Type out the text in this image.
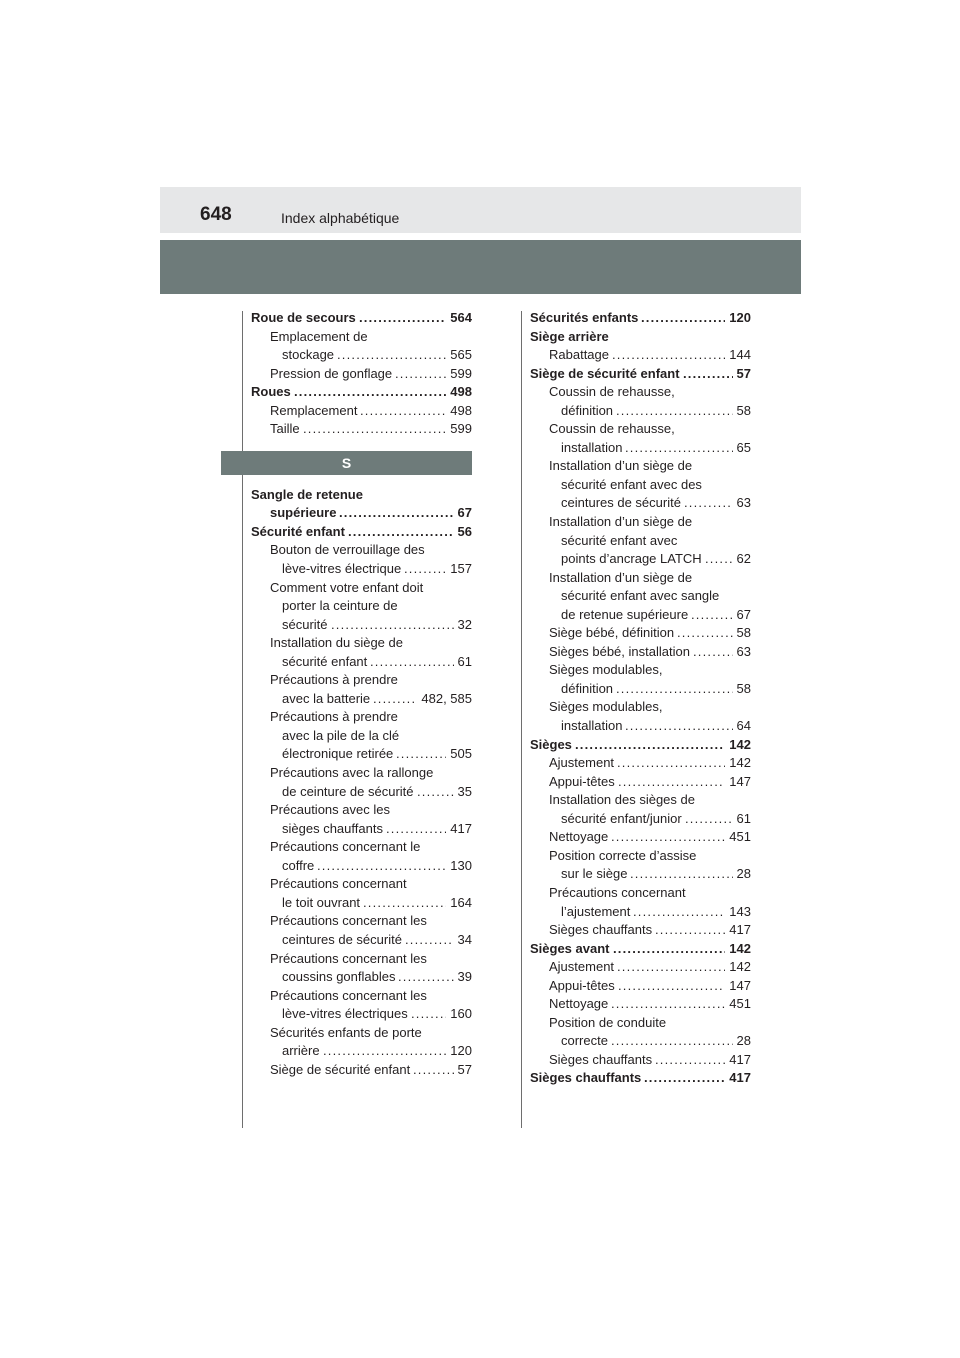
648	Index alphabétique
Roue de secours .....	564
Emplacement de
stockage .....	565
Pression de gonflage .....	599
Roues .....	498
Remplacement .....	498
Taille .....	599
S
Sangle de retenue
supérieure .....	67
Sécurité enfant .....	56
Bouton de verrouillage des
lève-vitres électrique .....	157
Comment votre enfant doit
porter la ceinture de
sécurité .....	32
Installation du siège de
sécurité enfant .....	61
Précautions à prendre
avec la batterie .....	482, 585
Précautions à prendre
avec la pile de la clé
électronique retirée .....	505
Précautions avec la rallonge
de ceinture de sécurité .....	35
Précautions avec les
sièges chauffants .....	417
Précautions concernant le
coffre .....	130
Précautions concernant
le toit ouvrant .....	164
Précautions concernant les
ceintures de sécurité .....	34
Précautions concernant les
coussins gonflables .....	39
Précautions concernant les
lève-vitres électriques .....	160
Sécurités enfants de porte
arrière .....	120
Siège de sécurité enfant .....	57
Sécurités enfants .....	120
Siège arrière
Rabattage .....	144
Siège de sécurité enfant .....	57
Coussin de rehausse,
définition .....	58
Coussin de rehausse,
installation .....	65
Installation d’un siège de
sécurité enfant avec des
ceintures de sécurité .....	63
Installation d’un siège de
sécurité enfant avec
points d’ancrage LATCH .....	62
Installation d’un siège de
sécurité enfant avec sangle
de retenue supérieure .....	67
Siège bébé, définition .....	58
Sièges bébé, installation .....	63
Sièges modulables,
définition .....	58
Sièges modulables,
installation .....	64
Sièges .....	142
Ajustement .....	142
Appui-têtes .....	147
Installation des sièges de
sécurité enfant/junior .....	61
Nettoyage .....	451
Position correcte d’assise
sur le siège .....	28
Précautions concernant
l’ajustement .....	143
Sièges chauffants .....	417
Sièges avant .....	142
Ajustement .....	142
Appui-têtes .....	147
Nettoyage .....	451
Position de conduite
correcte .....	28
Sièges chauffants .....	417
Sièges chauffants .....	417
